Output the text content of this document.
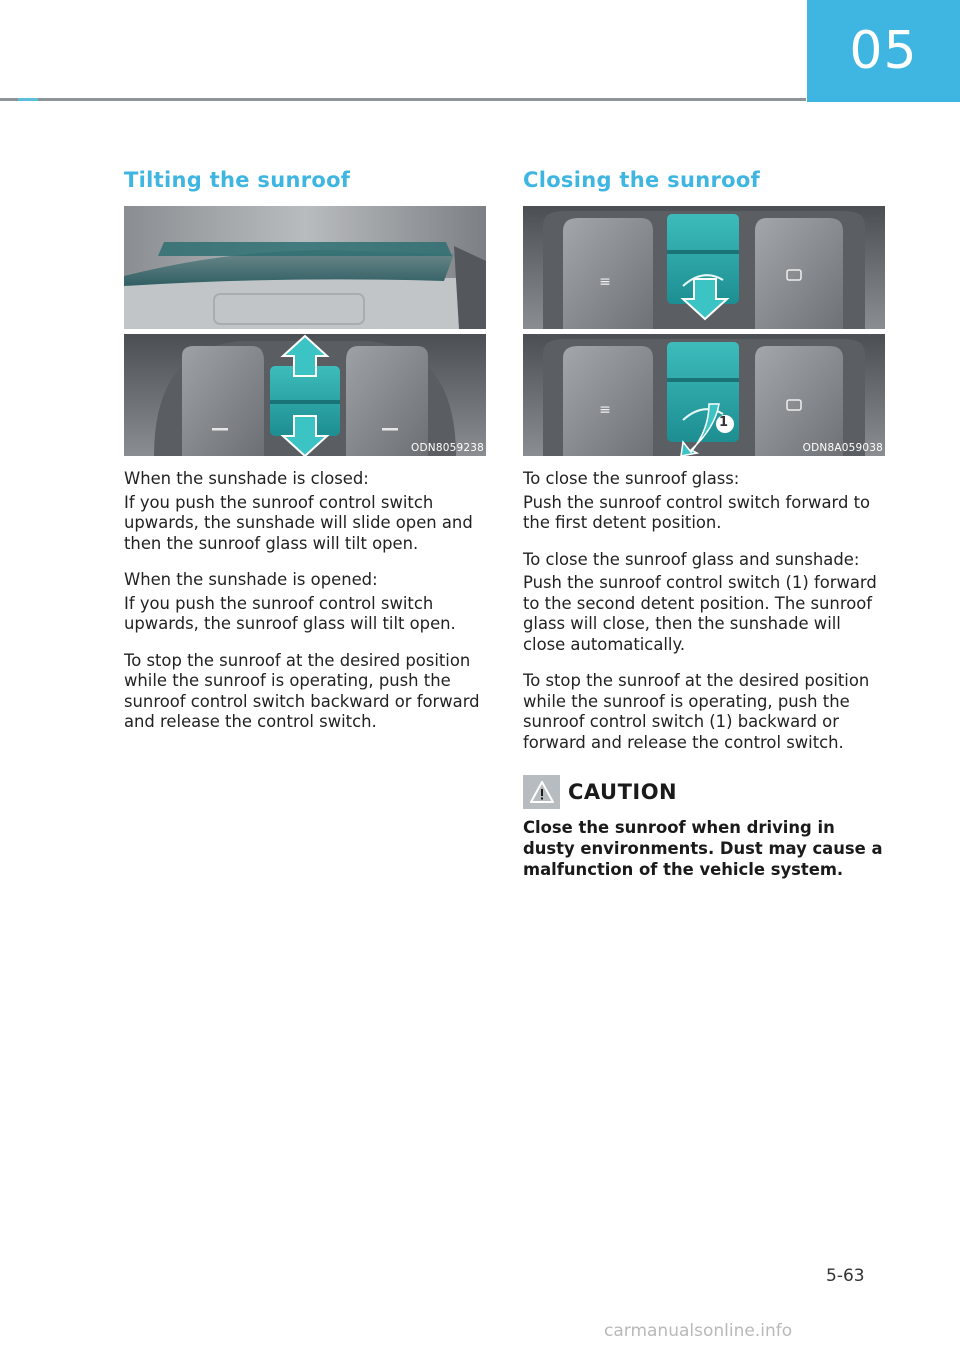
05
Tilting the sunroof
ODN8059238

When the sunshade is closed:

If you push the sunroof control switch upwards, the sunshade will slide open and then the sunroof glass will tilt open.

When the sunshade is opened:

If you push the sunroof control switch upwards, the sunroof glass will tilt open.

To stop the sunroof at the desired position while the sunroof is operating, push the sunroof control switch backward or forward and release the control switch.

Closing the sunroof
≡
≡
1
ODN8A059038

To close the sunroof glass:

Push the sunroof control switch forward to the first detent position.

To close the sunroof glass and sunshade:

Push the sunroof control switch (1) forward to the second detent position. The sunroof glass will close, then the sunshade will close automatically.

To stop the sunroof at the desired position while the sunroof is operating, push the sunroof control switch (1) backward or forward and release the control switch.

CAUTION

Close the sunroof when driving in dusty environments. Dust may cause a malfunction of the vehicle system.

5-63
carmanualsonline.info
